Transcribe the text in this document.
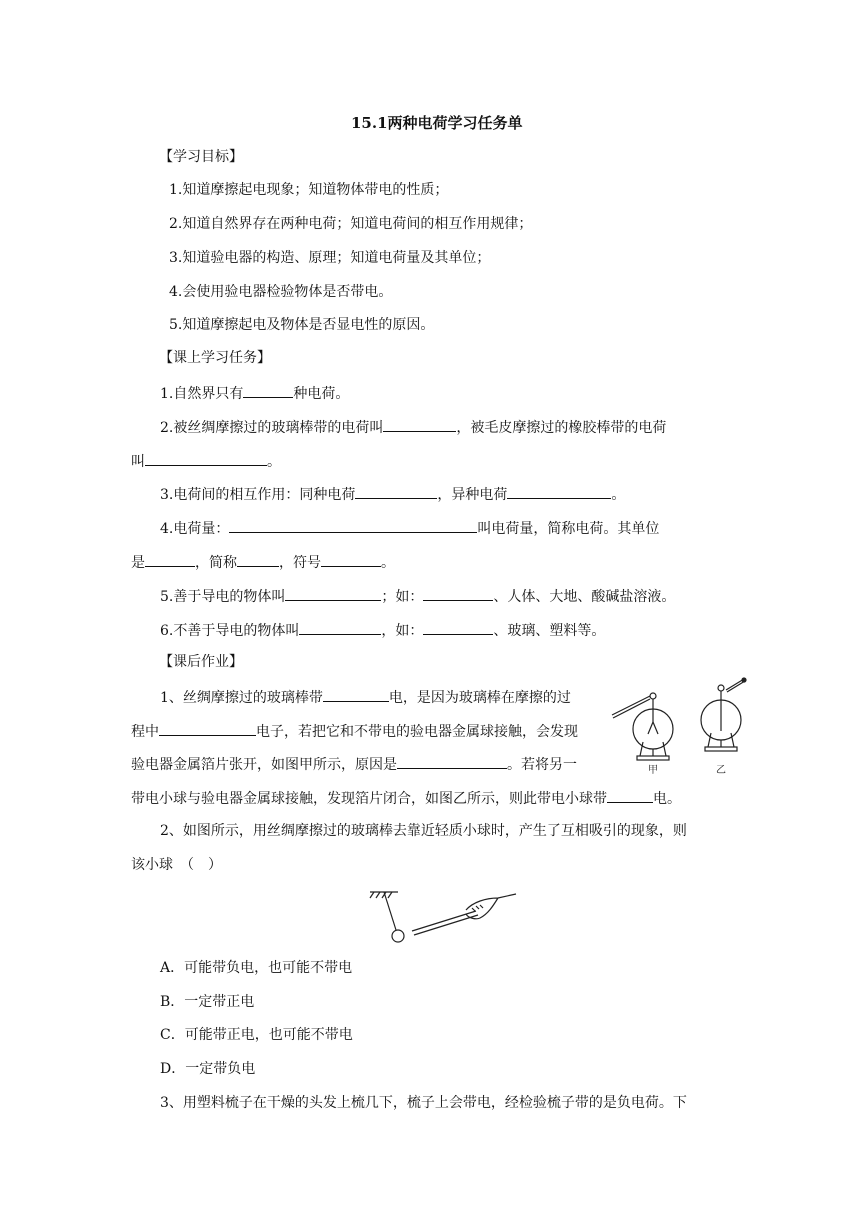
15.1两种电荷学习任务单
【学习目标】
1.知道摩擦起电现象；知道物体带电的性质；
2.知道自然界存在两种电荷；知道电荷间的相互作用规律；
3.知道验电器的构造、原理；知道电荷量及其单位；
4.会使用验电器检验物体是否带电。
5.知道摩擦起电及物体是否显电性的原因。
【课上学习任务】
1.自然界只有	种电荷。
2.被丝绸摩擦过的玻璃棒带的电荷叫	，被毛皮摩擦过的橡胶棒带的电荷
叫	。
3.电荷间的相互作用：同种电荷	，异种电荷	。
4.电荷量：	叫电荷量，简称电荷。其单位
是	，简称	，符号	。
5.善于导电的物体叫	；如：	、人体、大地、酸碱盐溶液。
6.不善于导电的物体叫	，如：	、玻璃、塑料等。
【课后作业】
1、丝绸摩擦过的玻璃棒带	电，是因为玻璃棒在摩擦的过
程中	电子，若把它和不带电的验电器金属球接触，会发现
验电器金属箔片张开，如图甲所示，原因是	。若将另一
带电小球与验电器金属球接触，发现箔片闭合，如图乙所示，则此带电小球带	电。
甲	乙
2、如图所示，用丝绸摩擦过的玻璃棒去靠近轻质小球时，产生了互相吸引的现象，则
该小球　（　）
A．可能带负电，也可能不带电
B．一定带正电
C．可能带正电，也可能不带电
D．一定带负电
3、用塑料梳子在干燥的头发上梳几下，梳子上会带电，经检验梳子带的是负电荷。下
